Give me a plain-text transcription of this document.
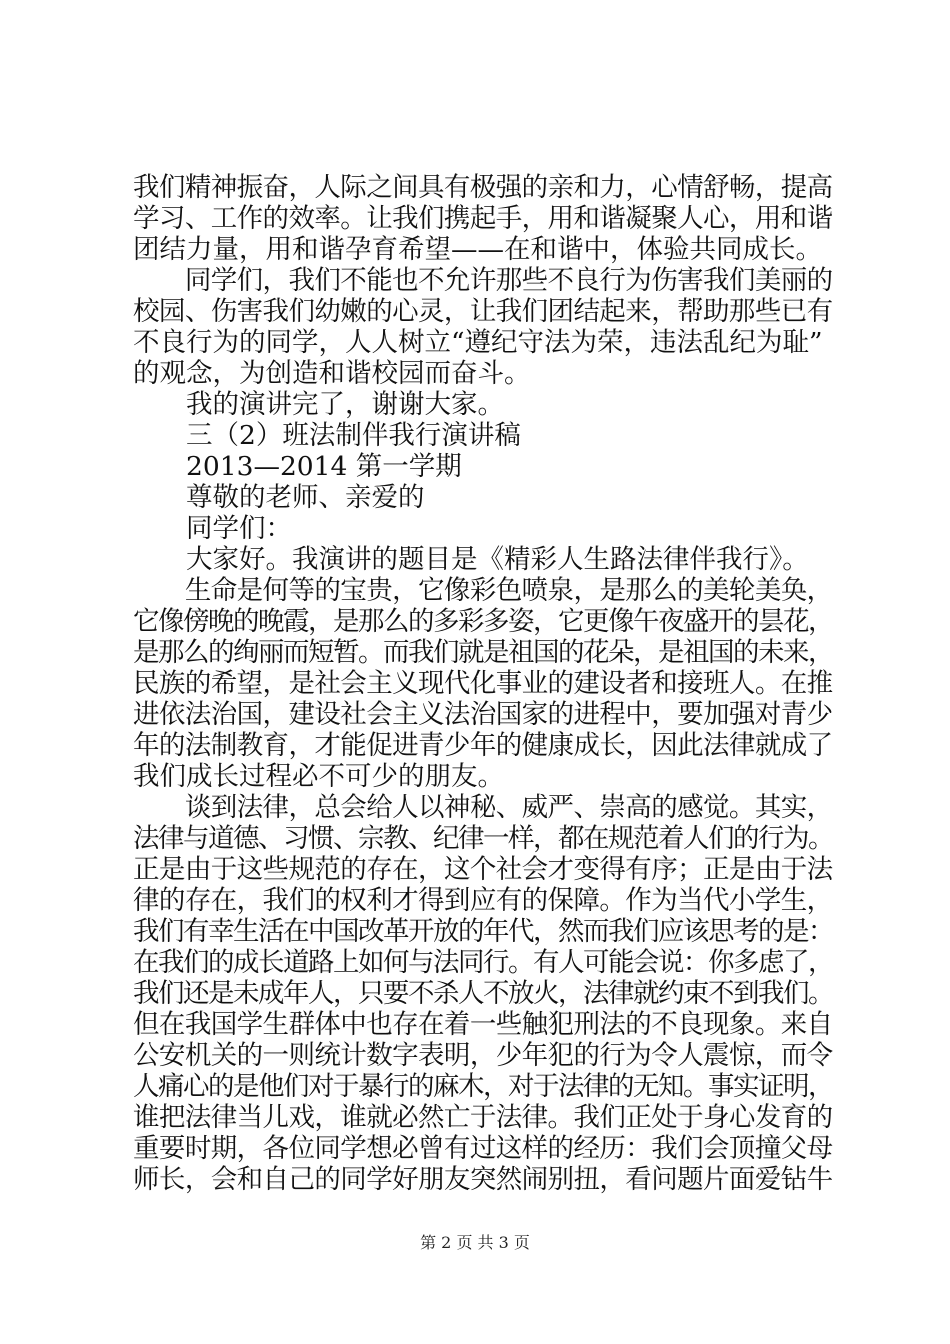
我们精神振奋，人际之间具有极强的亲和力，心情舒畅，提高
学习、工作的效率。让我们携起手，用和谐凝聚人心，用和谐
团结力量，用和谐孕育希望——在和谐中，体验共同成长。
　　同学们，我们不能也不允许那些不良行为伤害我们美丽的
校园、伤害我们幼嫩的心灵，让我们团结起来，帮助那些已有
不良行为的同学，人人树立“遵纪守法为荣，违法乱纪为耻”
的观念，为创造和谐校园而奋斗。
　　我的演讲完了，谢谢大家。
　　三（2）班法制伴我行演讲稿
　　2013—2014 第一学期
　　尊敬的老师、亲爱的
　　同学们：
　　大家好。我演讲的题目是《精彩人生路法律伴我行》。
　　生命是何等的宝贵，它像彩色喷泉，是那么的美轮美奂，
它像傍晚的晚霞，是那么的多彩多姿，它更像午夜盛开的昙花，
是那么的绚丽而短暂。而我们就是祖国的花朵，是祖国的未来，
民族的希望，是社会主义现代化事业的建设者和接班人。在推
进依法治国，建设社会主义法治国家的进程中，要加强对青少
年的法制教育，才能促进青少年的健康成长，因此法律就成了
我们成长过程必不可少的朋友。
　　谈到法律，总会给人以神秘、威严、崇高的感觉。其实，
法律与道德、习惯、宗教、纪律一样，都在规范着人们的行为。
正是由于这些规范的存在，这个社会才变得有序；正是由于法
律的存在，我们的权利才得到应有的保障。作为当代小学生，
我们有幸生活在中国改革开放的年代，然而我们应该思考的是：
在我们的成长道路上如何与法同行。有人可能会说：你多虑了，
我们还是未成年人，只要不杀人不放火，法律就约束不到我们。
但在我国学生群体中也存在着一些触犯刑法的不良现象。来自
公安机关的一则统计数字表明，少年犯的行为令人震惊，而令
人痛心的是他们对于暴行的麻木，对于法律的无知。事实证明，
谁把法律当儿戏，谁就必然亡于法律。我们正处于身心发育的
重要时期，各位同学想必曾有过这样的经历：我们会顶撞父母
师长，会和自己的同学好朋友突然闹别扭，看问题片面爱钻牛
第 2 页 共 3 页
